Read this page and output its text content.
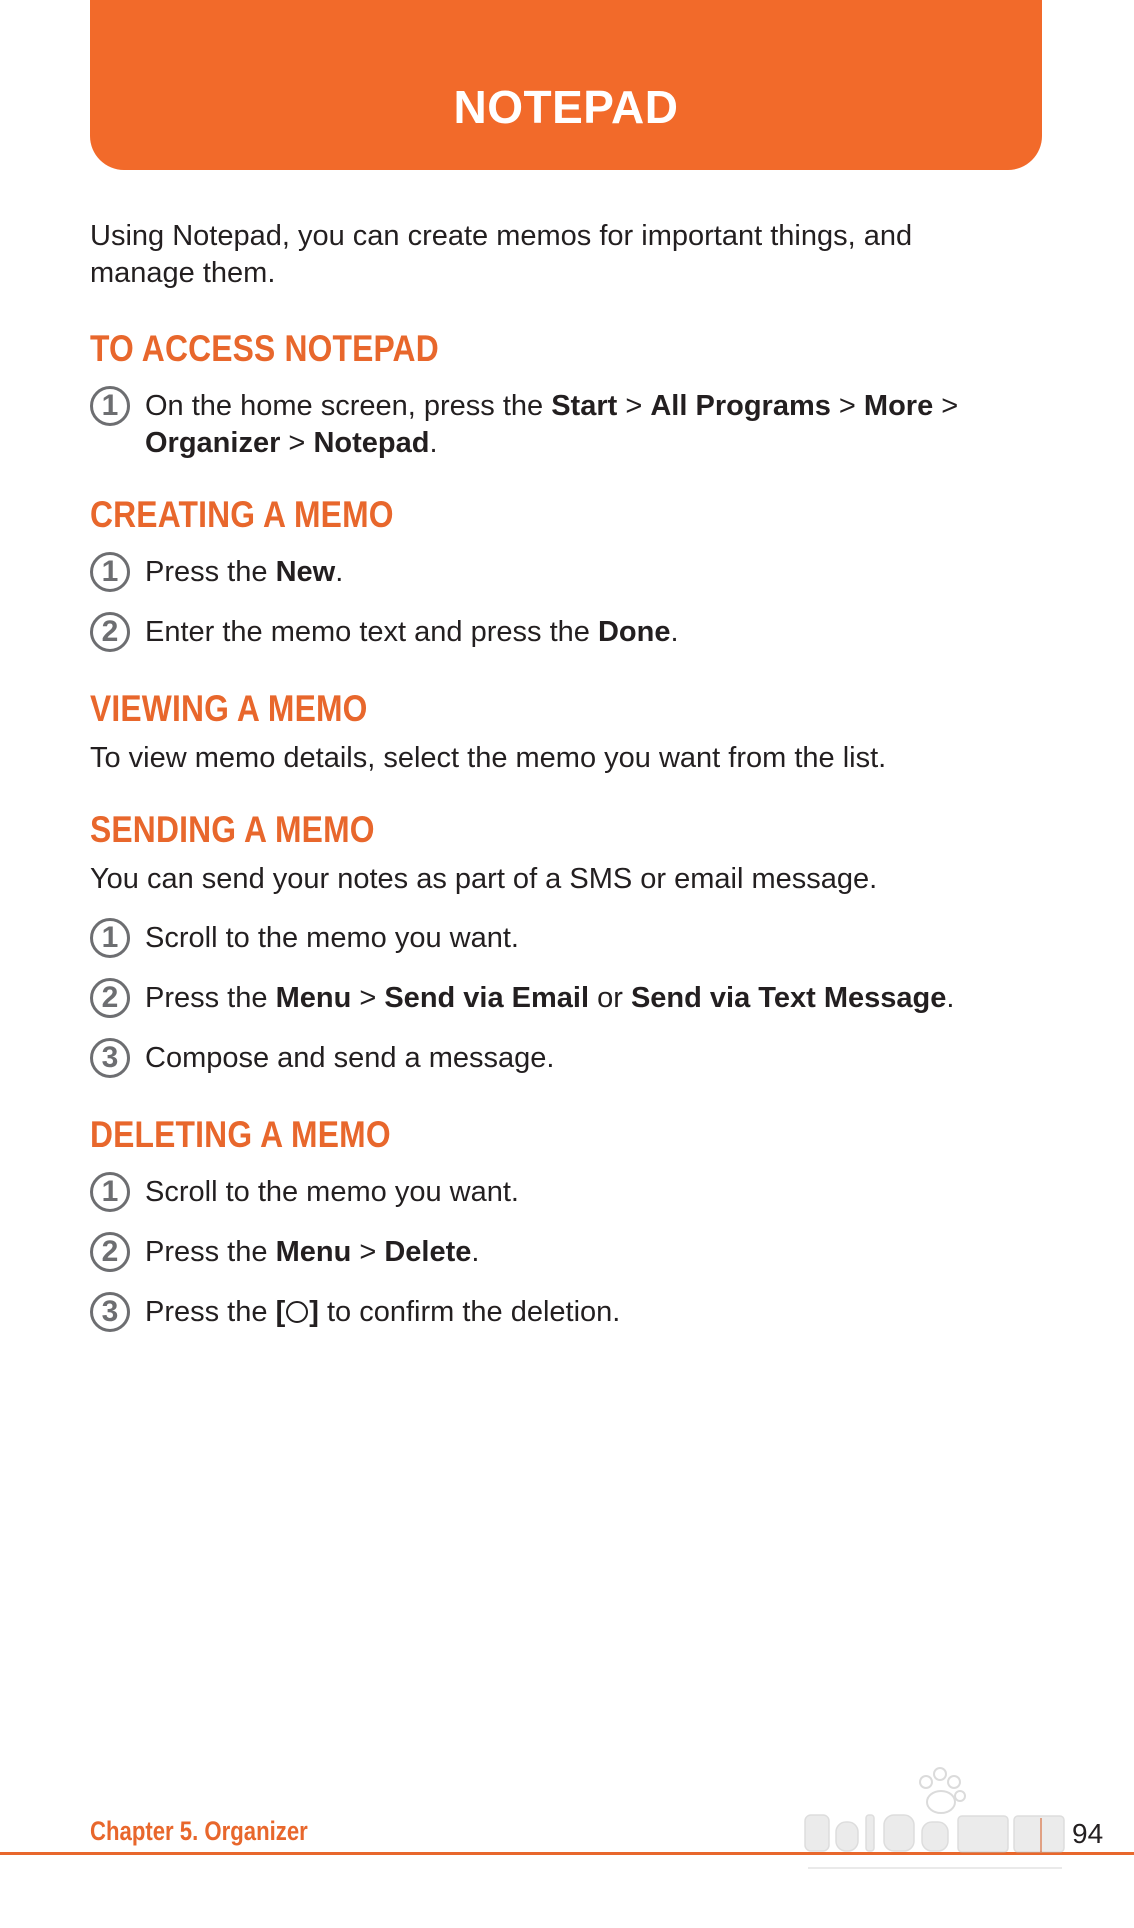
NOTEPAD

Using Notepad, you can create memos for important things, and manage them.

TO ACCESS NOTEPAD
1 On the home screen, press the Start > All Programs > More >
Organizer > Notepad.
CREATING A MEMO
1 Press the New.
2 Enter the memo text and press the Done.
VIEWING A MEMO

To view memo details, select the memo you want from the list.

SENDING A MEMO

You can send your notes as part of a SMS or email message.

1 Scroll to the memo you want.
2 Press the Menu > Send via Email or Send via Text Message.
3 Compose and send a message.
DELETING A MEMO
1 Scroll to the memo you want.
2 Press the Menu > Delete.
3 Press the [ ] to confirm the deletion.
Chapter 5. Organizer	94
